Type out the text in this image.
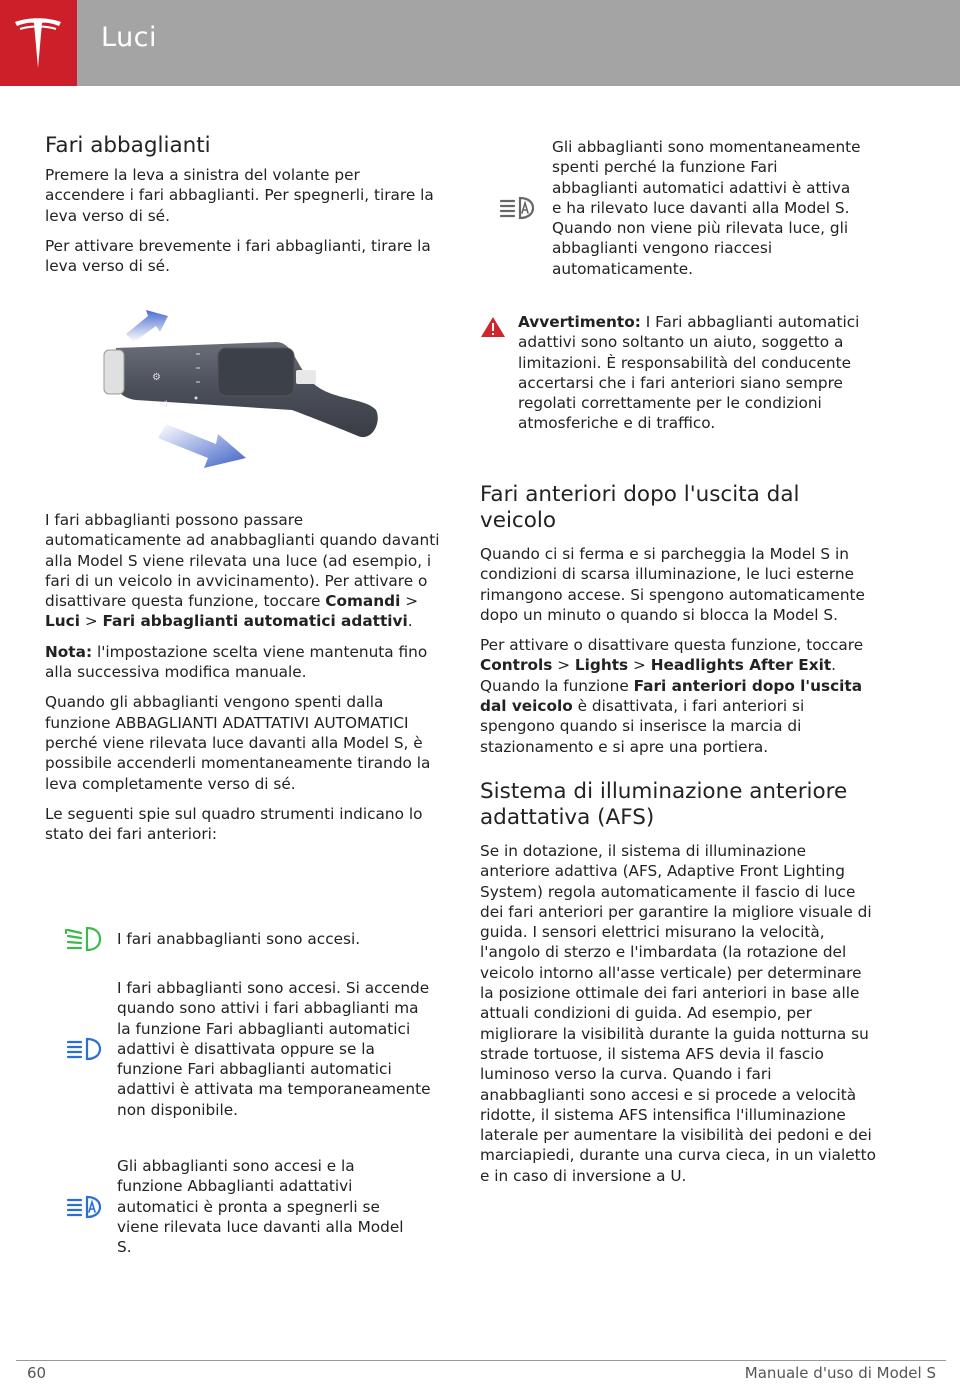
Luci
Fari abbaglianti

Premere la leva a sinistra del volante per accendere i fari abbaglianti. Per spegnerli, tirare la leva verso di sé.

Per attivare brevemente i fari abbaglianti, tirare la leva verso di sé.

⚙
◁

I fari abbaglianti possono passare automaticamente ad anabbaglianti quando davanti alla Model S viene rilevata una luce (ad esempio, i fari di un veicolo in avvicinamento). Per attivare o disattivare questa funzione, toccare Comandi > Luci > Fari abbaglianti automatici adattivi.

Nota: l'impostazione scelta viene mantenuta fino alla successiva modifica manuale.

Quando gli abbaglianti vengono spenti dalla funzione ABBAGLIANTI ADATTATIVI AUTOMATICI perché viene rilevata luce davanti alla Model S, è possibile accenderli momentaneamente tirando la leva completamente verso di sé.

Le seguenti spie sul quadro strumenti indicano lo stato dei fari anteriori:

I fari anabbaglianti sono accesi.
I fari abbaglianti sono accesi. Si accende quando sono attivi i fari abbaglianti ma la funzione Fari abbaglianti automatici adattivi è disattivata oppure se la funzione Fari abbaglianti automatici adattivi è attivata ma temporaneamente non disponibile.
Gli abbaglianti sono accesi e la funzione Abbaglianti adattativi automatici è pronta a spegnerli se viene rilevata luce davanti alla Model S.
Gli abbaglianti sono momentaneamente spenti perché la funzione Fari abbaglianti automatici adattivi è attiva e ha rilevato luce davanti alla Model S. Quando non viene più rilevata luce, gli abbaglianti vengono riaccesi automaticamente.
Avvertimento: I Fari abbaglianti automatici adattivi sono soltanto un aiuto, soggetto a limitazioni. È responsabilità del conducente accertarsi che i fari anteriori siano sempre regolati correttamente per le condizioni atmosferiche e di traffico.
Fari anteriori dopo l'uscita dal veicolo

Quando ci si ferma e si parcheggia la Model S in condizioni di scarsa illuminazione, le luci esterne rimangono accese. Si spengono automaticamente dopo un minuto o quando si blocca la Model S.

Per attivare o disattivare questa funzione, toccare Controls > Lights > Headlights After Exit. Quando la funzione Fari anteriori dopo l'uscita dal veicolo è disattivata, i fari anteriori si spengono quando si inserisce la marcia di stazionamento e si apre una portiera.

Sistema di illuminazione anteriore adattativa (AFS)

Se in dotazione, il sistema di illuminazione anteriore adattiva (AFS, Adaptive Front Lighting System) regola automaticamente il fascio di luce dei fari anteriori per garantire la migliore visuale di guida. I sensori elettrici misurano la velocità, l'angolo di sterzo e l'imbardata (la rotazione del veicolo intorno all'asse verticale) per determinare la posizione ottimale dei fari anteriori in base alle attuali condizioni di guida. Ad esempio, per migliorare la visibilità durante la guida notturna su strade tortuose, il sistema AFS devia il fascio luminoso verso la curva. Quando i fari anabbaglianti sono accesi e si procede a velocità ridotte, il sistema AFS intensifica l'illuminazione laterale per aumentare la visibilità dei pedoni e dei marciapiedi, durante una curva cieca, in un vialetto e in caso di inversione a U.

60	Manuale d'uso di Model S
